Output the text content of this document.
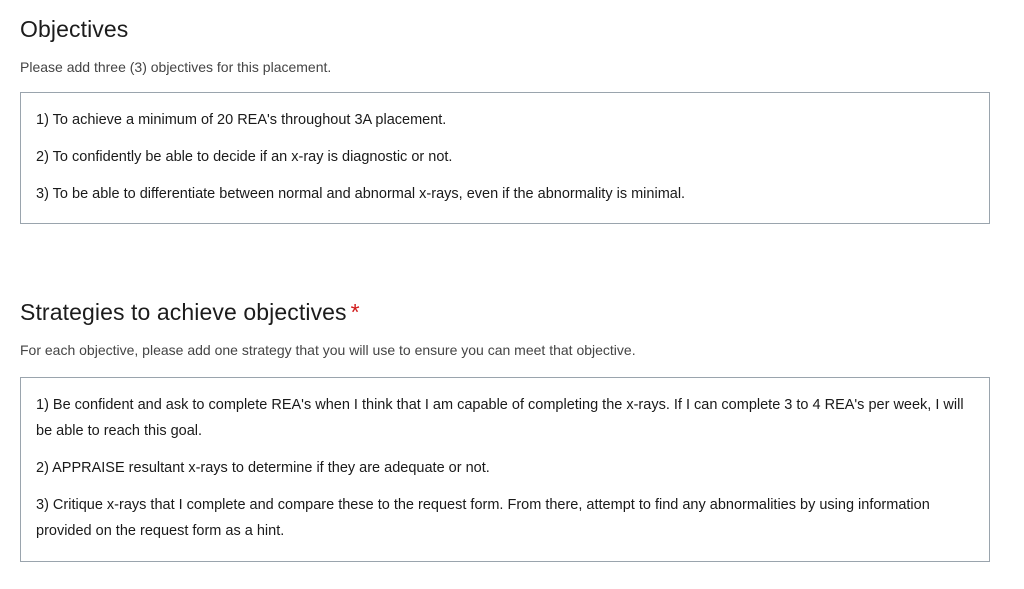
Objectives

Please add three (3) objectives for this placement.

1) To achieve a minimum of 20 REA's throughout 3A placement.

2) To confidently be able to decide if an x-ray is diagnostic or not.

3) To be able to differentiate between normal and abnormal x-rays, even if the abnormality is minimal.

Strategies to achieve objectives *

For each objective, please add one strategy that you will use to ensure you can meet that objective.

1) Be confident and ask to complete REA's when I think that I am capable of completing the x-rays. If I can complete 3 to 4 REA's per week, I will be able to reach this goal.

2) APPRAISE resultant x-rays to determine if they are adequate or not.

3) Critique x-rays that I complete and compare these to the request form. From there, attempt to find any abnormalities by using information provided on the request form as a hint.
